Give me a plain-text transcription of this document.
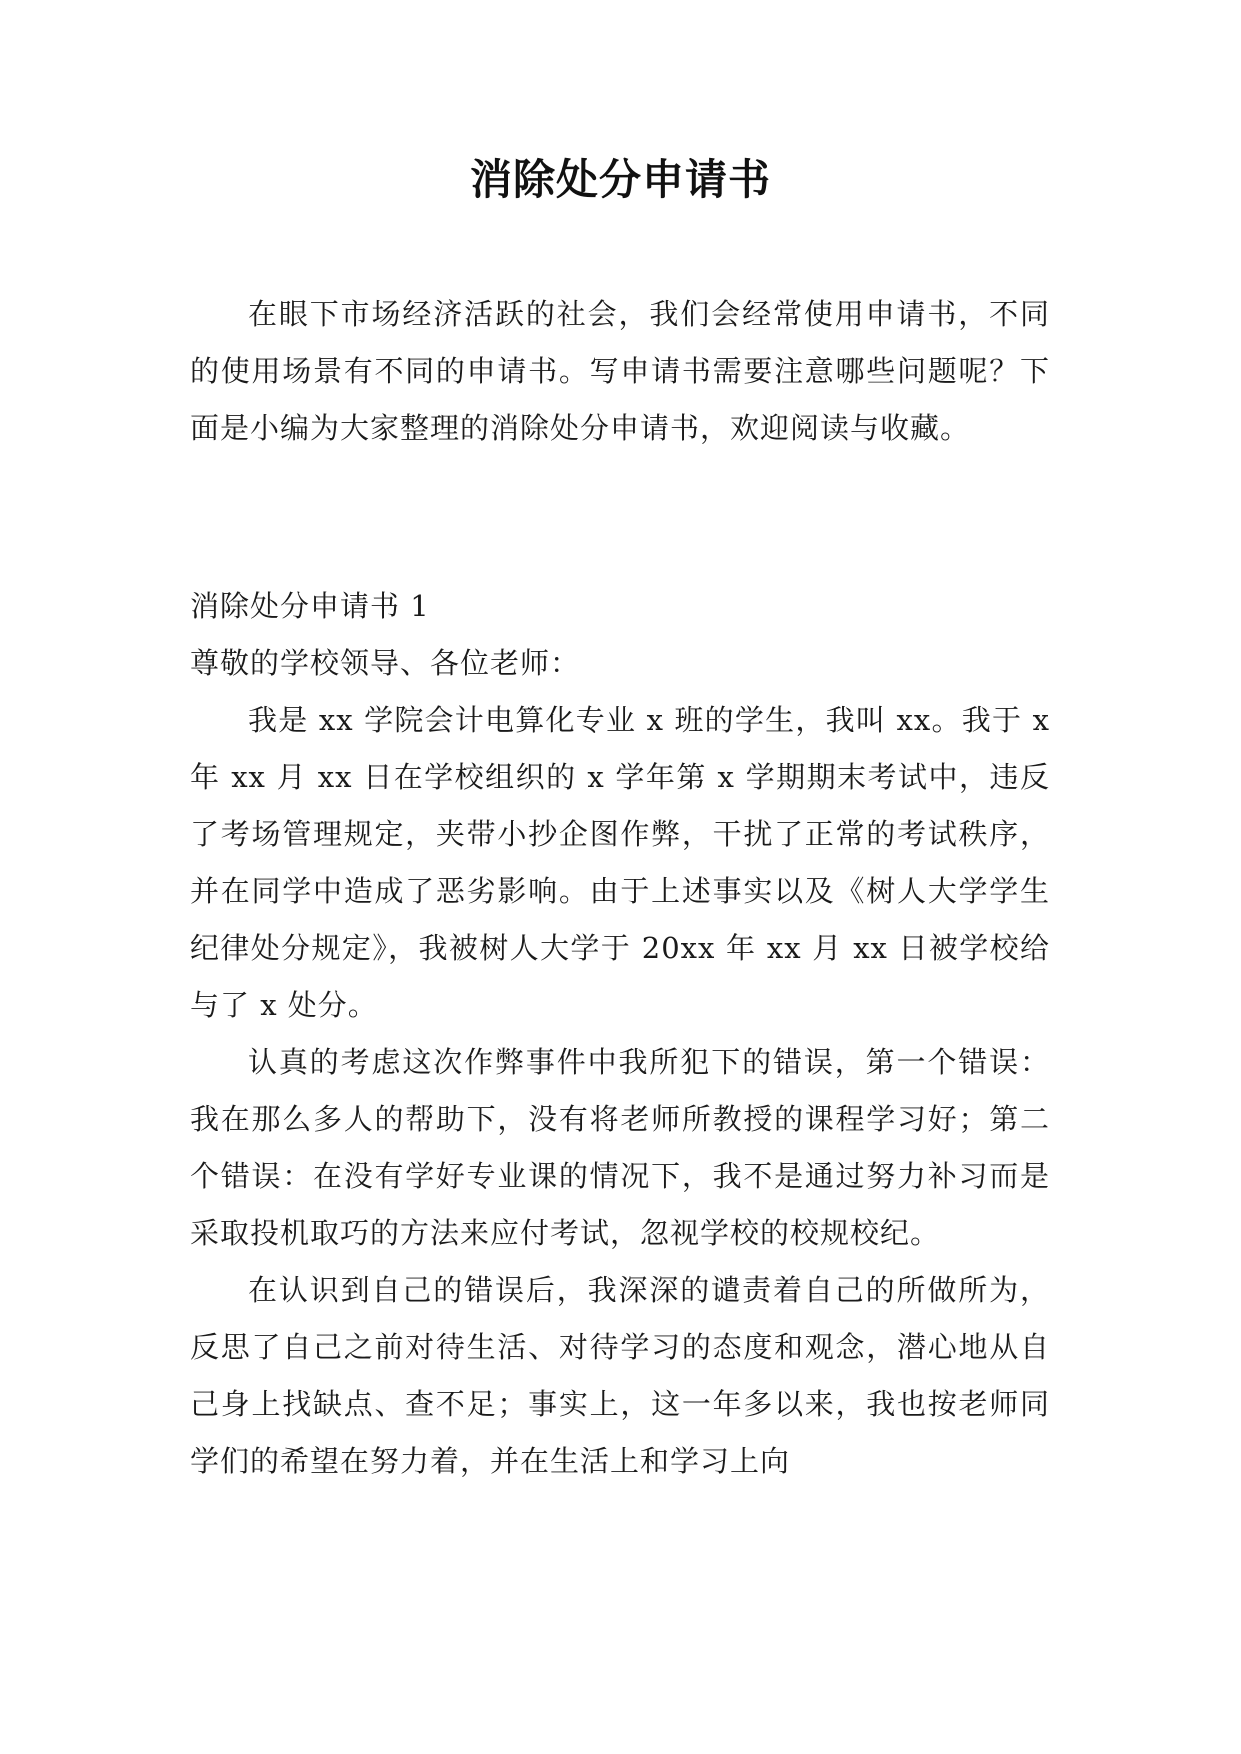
消除处分申请书

在眼下市场经济活跃的社会，我们会经常使用申请书，不同的使用场景有不同的申请书。写申请书需要注意哪些问题呢？下面是小编为大家整理的消除处分申请书，欢迎阅读与收藏。

消除处分申请书 1

尊敬的学校领导、各位老师：

我是 xx 学院会计电算化专业 x 班的学生，我叫 xx。我于 x 年 xx 月 xx 日在学校组织的 x 学年第 x 学期期末考试中，违反了考场管理规定，夹带小抄企图作弊，干扰了正常的考试秩序，并在同学中造成了恶劣影响。由于上述事实以及《树人大学学生纪律处分规定》，我被树人大学于 20xx 年 xx 月 xx 日被学校给与了 x 处分。

认真的考虑这次作弊事件中我所犯下的错误，第一个错误：我在那么多人的帮助下，没有将老师所教授的课程学习好；第二个错误：在没有学好专业课的情况下，我不是通过努力补习而是采取投机取巧的方法来应付考试，忽视学校的校规校纪。

在认识到自己的错误后，我深深的谴责着自己的所做所为，反思了自己之前对待生活、对待学习的态度和观念，潜心地从自己身上找缺点、查不足；事实上，这一年多以来，我也按老师同学们的希望在努力着，并在生活上和学习上向
